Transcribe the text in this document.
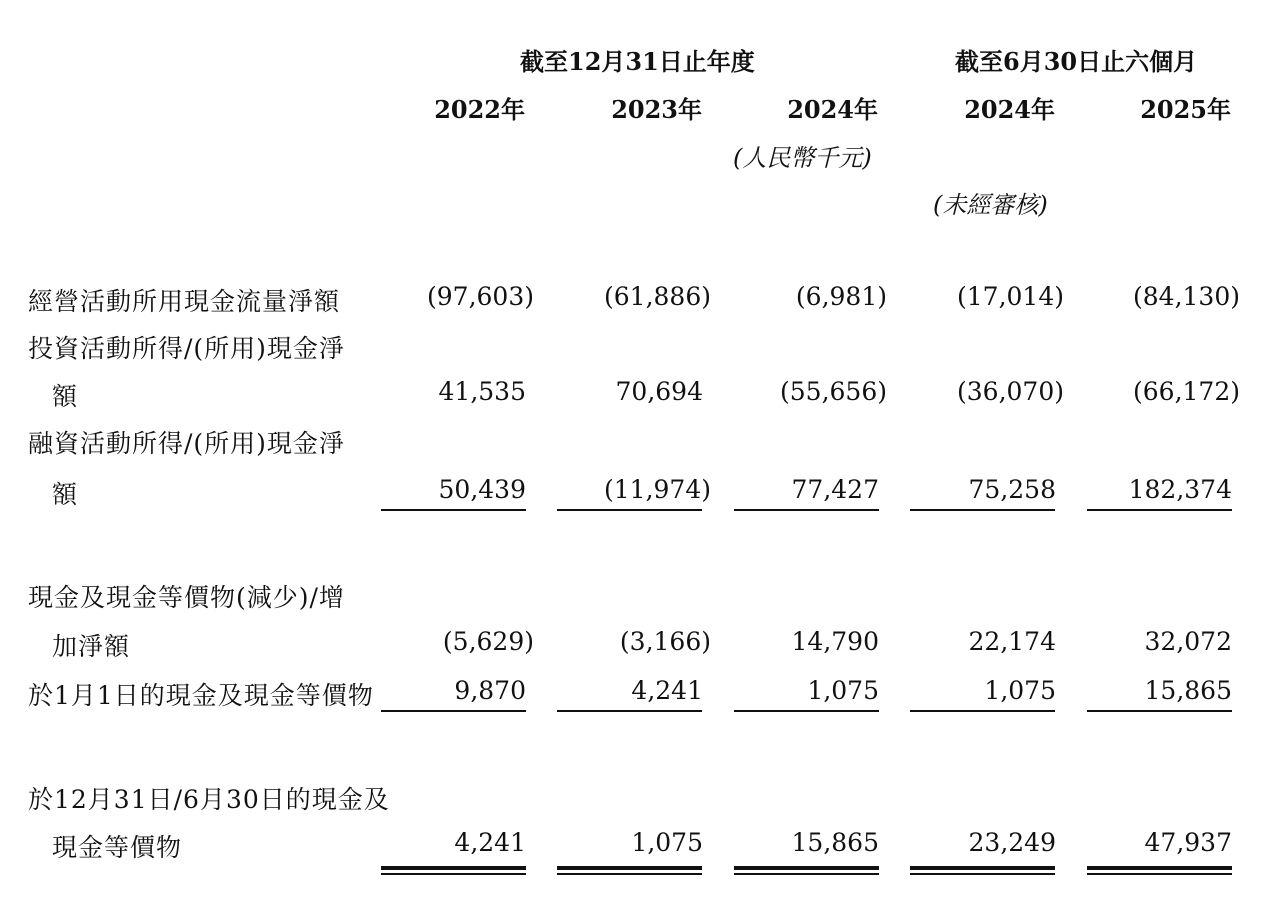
截至12月31日止年度	截至6月30日止六個月
2022年	2023年	2024年	2024年	2025年
(人民幣千元)
(未經審核)
經營活動所用現金流量淨額	(97,603)	(61,886)	(6,981)	(17,014)	(84,130)
投資活動所得/(所用)現金淨
額	41,535	70,694	(55,656)	(36,070)	(66,172)
融資活動所得/(所用)現金淨
額	50,439	(11,974)	77,427	75,258	182,374
現金及現金等價物(減少)/增
加淨額	(5,629)	(3,166)	14,790	22,174	32,072
於1月1日的現金及現金等價物	9,870	4,241	1,075	1,075	15,865
於12月31日/6月30日的現金及
現金等價物	4,241	1,075	15,865	23,249	47,937
